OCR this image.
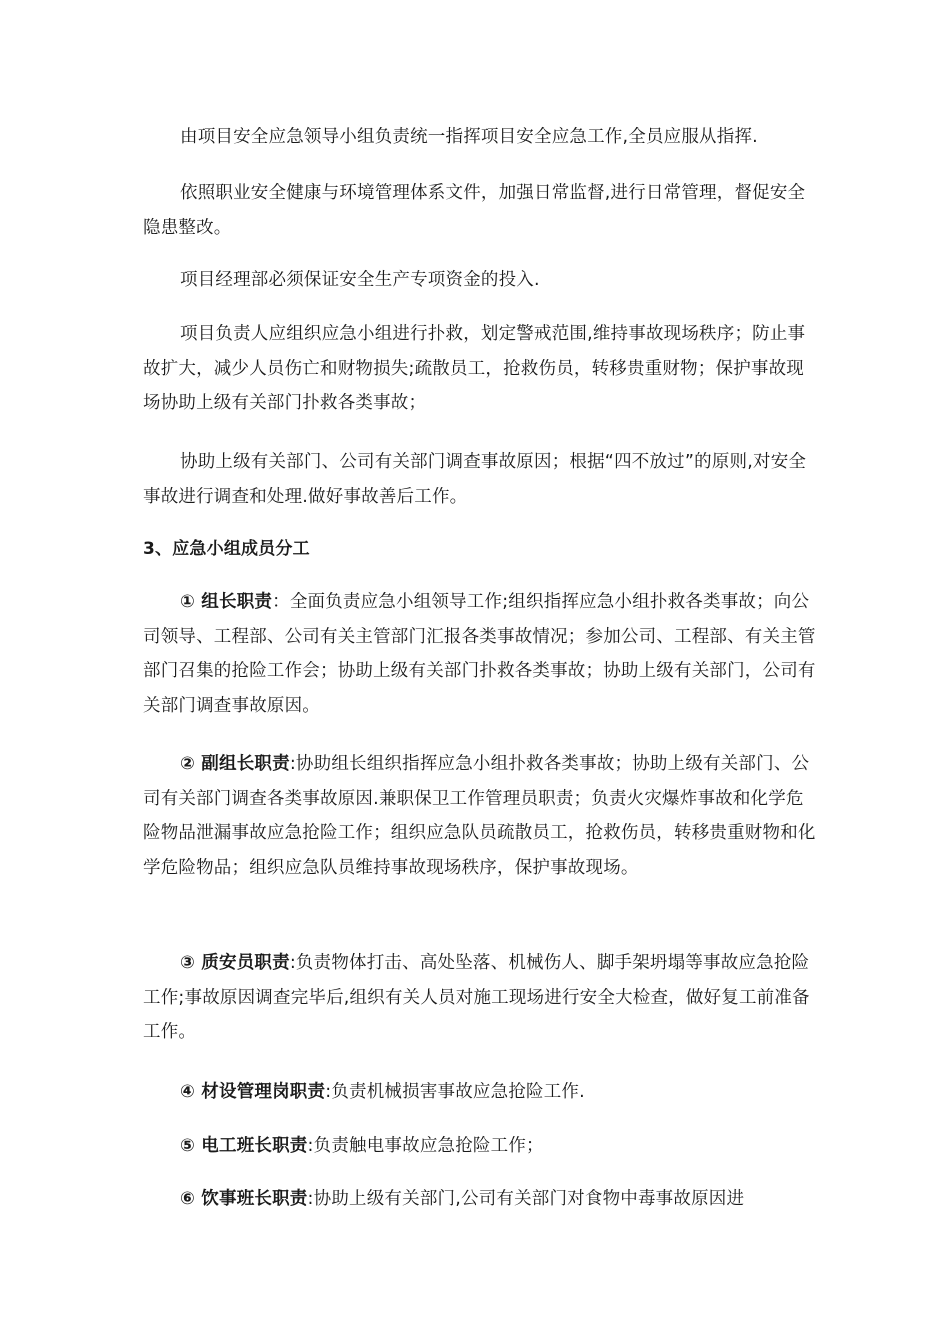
由项目安全应急领导小组负责统一指挥项目安全应急工作,全员应服从指挥.

依照职业安全健康与环境管理体系文件，加强日常监督,进行日常管理，督促安全隐患整改。

项目经理部必须保证安全生产专项资金的投入.

项目负责人应组织应急小组进行扑救，划定警戒范围,维持事故现场秩序；防止事故扩大，减少人员伤亡和财物损失;疏散员工，抢救伤员，转移贵重财物；保护事故现场协助上级有关部门扑救各类事故；

协助上级有关部门、公司有关部门调查事故原因；根据“四不放过”的原则,对安全事故进行调查和处理.做好事故善后工作。

3、应急小组成员分工

① 组长职责：全面负责应急小组领导工作;组织指挥应急小组扑救各类事故；向公司领导、工程部、公司有关主管部门汇报各类事故情况；参加公司、工程部、有关主管部门召集的抢险工作会；协助上级有关部门扑救各类事故；协助上级有关部门，公司有关部门调查事故原因。

② 副组长职责:协助组长组织指挥应急小组扑救各类事故；协助上级有关部门、公司有关部门调查各类事故原因.兼职保卫工作管理员职责；负责火灾爆炸事故和化学危险物品泄漏事故应急抢险工作；组织应急队员疏散员工，抢救伤员，转移贵重财物和化学危险物品；组织应急队员维持事故现场秩序，保护事故现场。

③ 质安员职责:负责物体打击、高处坠落、机械伤人、脚手架坍塌等事故应急抢险工作;事故原因调查完毕后,组织有关人员对施工现场进行安全大检查，做好复工前准备工作。

④ 材设管理岗职责:负责机械损害事故应急抢险工作.

⑤ 电工班长职责:负责触电事故应急抢险工作；

⑥ 饮事班长职责:协助上级有关部门,公司有关部门对食物中毒事故原因进
